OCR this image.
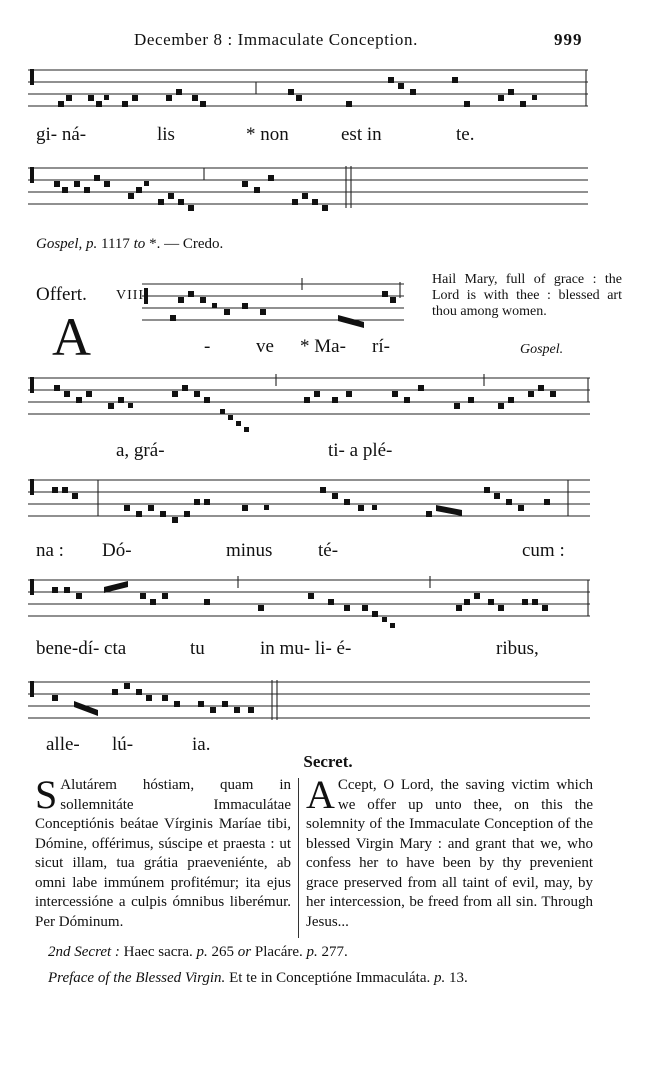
December 8 : Immaculate Conception.	999
gi- ná-	lis	* non	est in	te.
Gospel, p. 1117 to *. — Credo.
Offert. VIII
A	- ve * Ma- rí-
Hail Mary, full of grace : the Lord is with thee : blessed art thou among women.
Gospel.
a, grá-	ti- a plé-
na : Dó-	minus té-	cum :
bene-dí- cta	tu	in mu- li- é-	ribus,
alle- lú-	ia.
Secret.
S Alutárem hóstiam, quam in sollemnitáte Immaculátae Conceptiónis beátae Vírginis Maríae tibi, Dómine, offérimus, súscipe et praesta : ut sicut illam, tua grátia praeveniénte, ab omni labe immúnem profitémur; ita ejus intercessióne a culpis ómnibus liberémur. Per Dóminum.
A Ccept, O Lord, the saving victim which we offer up unto thee, on this the solemnity of the Immaculate Conception of the blessed Virgin Mary : and grant that we, who confess her to have been by thy prevenient grace preserved from all taint of evil, may, by her intercession, be freed from all sin. Through Jesus...
2nd Secret : Haec sacra. p. 265 or Placáre. p. 277.
Preface of the Blessed Virgin. Et te in Conceptióne Immaculáta. p. 13.
